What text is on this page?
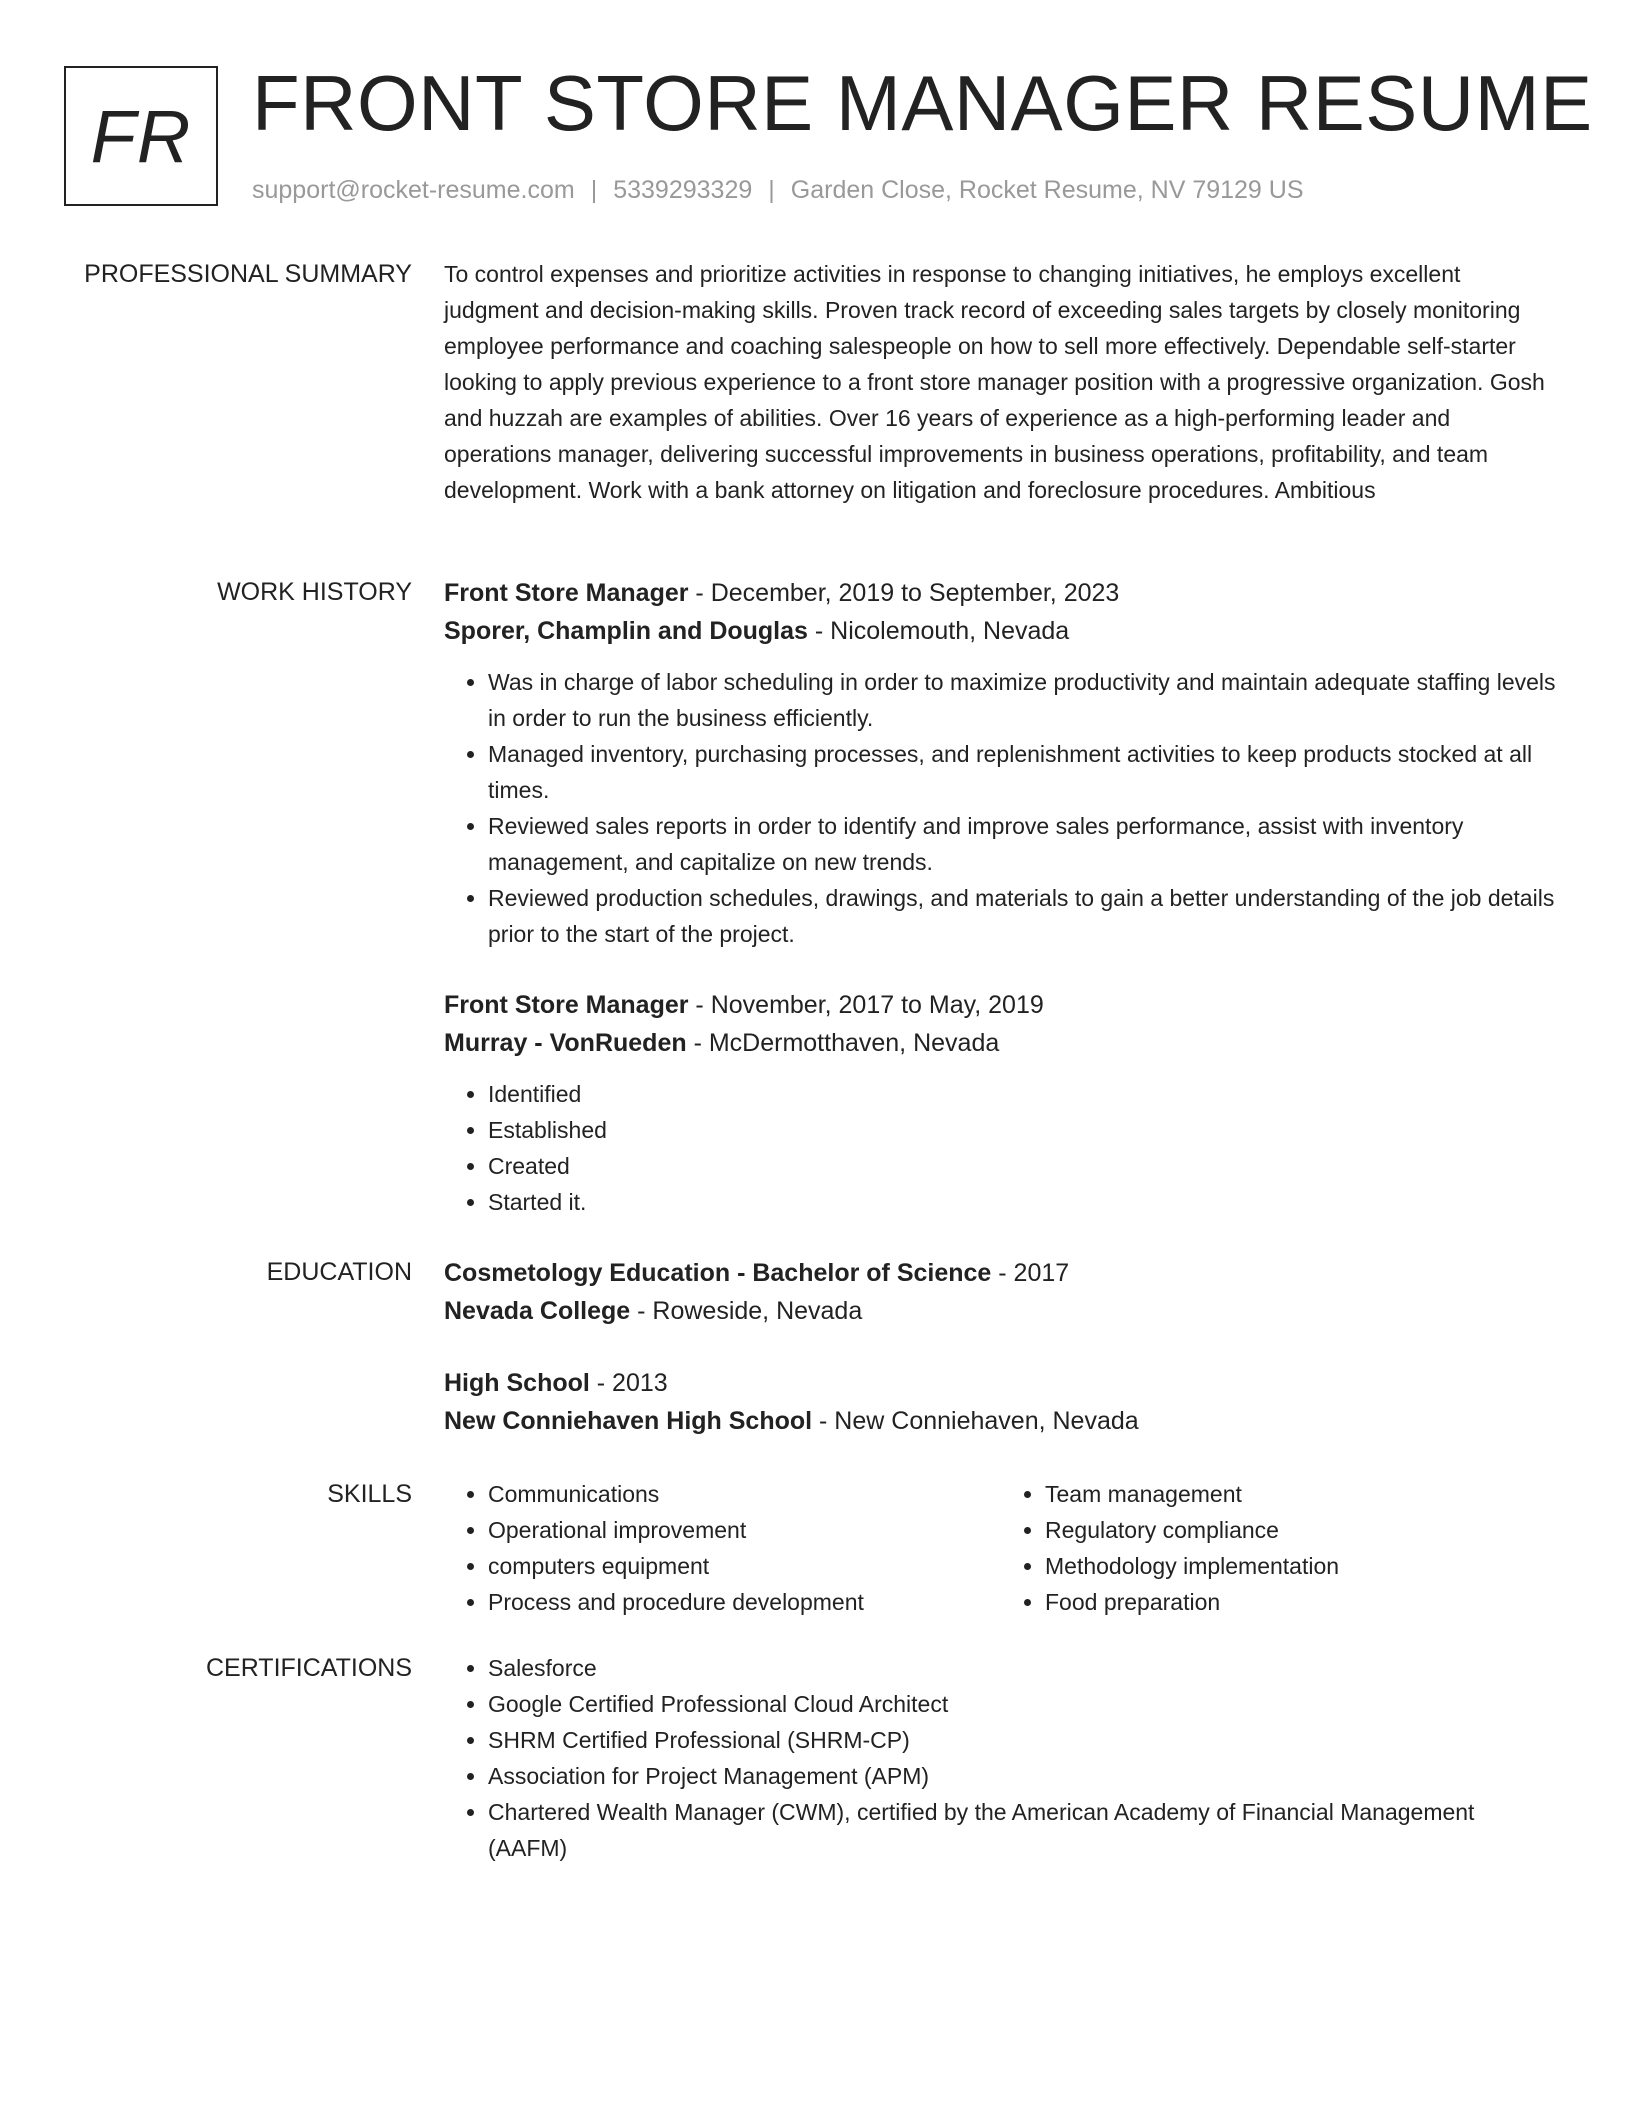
FR FRONT STORE MANAGER RESUME
support@rocket-resume.com | 5339293329 | Garden Close, Rocket Resume, NV 79129 US
PROFESSIONAL SUMMARY To control expenses and prioritize activities in response to changing initiatives, he employs excellent judgment and decision-making skills. Proven track record of exceeding sales targets by closely monitoring employee performance and coaching salespeople on how to sell more effectively. Dependable self-starter looking to apply previous experience to a front store manager position with a progressive organization. Gosh and huzzah are examples of abilities. Over 16 years of experience as a high-performing leader and operations manager, delivering successful improvements in business operations, profitability, and team development. Work with a bank attorney on litigation and foreclosure procedures. Ambitious

WORK HISTORY Front Store Manager - December, 2019 to September, 2023

Sporer, Champlin and Douglas - Nicolemouth, Nevada

• Was in charge of labor scheduling in order to maximize productivity and maintain adequate staffing levels in order to run the business efficiently.
• Managed inventory, purchasing processes, and replenishment activities to keep products stocked at all times.
• Reviewed sales reports in order to identify and improve sales performance, assist with inventory management, and capitalize on new trends.
• Reviewed production schedules, drawings, and materials to gain a better understanding of the job details prior to the start of the project.

Front Store Manager - November, 2017 to May, 2019

Murray - VonRueden - McDermotthaven, Nevada

• Identified
• Established
• Created
• Started it.
EDUCATION Cosmetology Education - Bachelor of Science - 2017

Nevada College - Roweside, Nevada

High School - 2013

New Conniehaven High School - New Conniehaven, Nevada

SKILLS	• Communications
• Operational improvement
• computers equipment
• Process and procedure development
• Team management
• Regulatory compliance
• Methodology implementation
• Food preparation
CERTIFICATIONS	• Salesforce
• Google Certified Professional Cloud Architect
• SHRM Certified Professional (SHRM-CP)
• Association for Project Management (APM)
• Chartered Wealth Manager (CWM), certified by the American Academy of Financial Management (AAFM)
